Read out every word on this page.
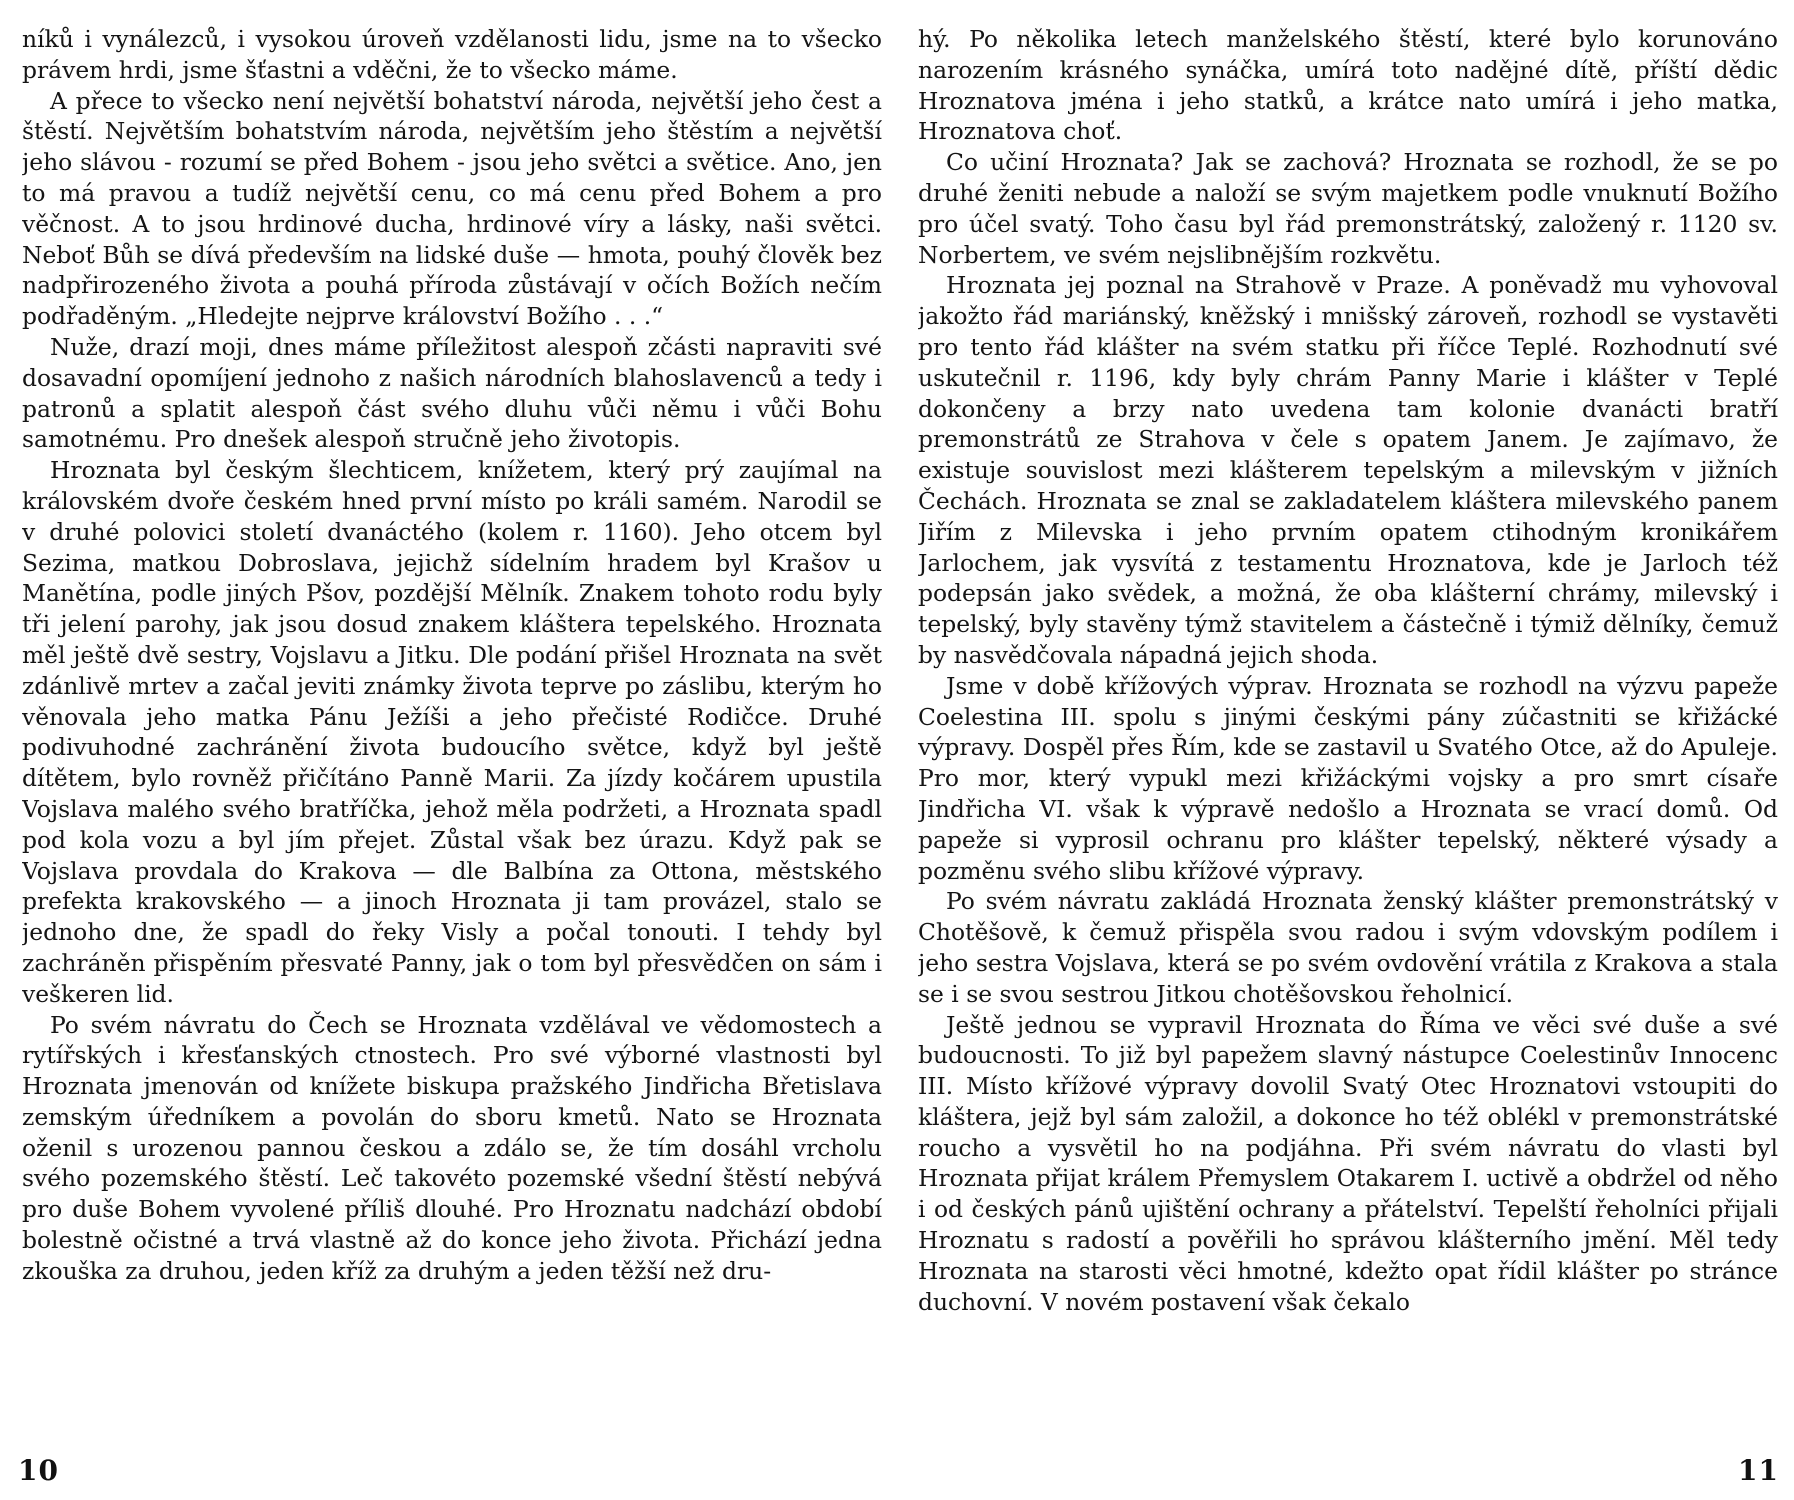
níků i vynálezců, i vysokou úroveň vzdělanosti lidu, jsme na to všecko právem hrdi, jsme šťastni a vděčni, že to všecko máme.

A přece to všecko není největší bohatství národa, největší jeho čest a štěstí. Největším bohatstvím národa, největším jeho štěstím a největší jeho slávou - rozumí se před Bohem - jsou jeho světci a světice. Ano, jen to má pravou a tudíž největší cenu, co má cenu před Bohem a pro věčnost. A to jsou hrdinové ducha, hrdinové víry a lásky, naši světci. Neboť Bůh se dívá především na lidské duše — hmota, pouhý člověk bez nadpřirozeného života a pouhá příroda zůstávají v očích Božích nečím podřaděným. „Hledejte nejprve království Božího . . .“

Nuže, drazí moji, dnes máme příležitost alespoň zčásti napraviti své dosavadní opomíjení jednoho z našich národních blahoslavenců a tedy i patronů a splatit alespoň část svého dluhu vůči němu i vůči Bohu samotnému. Pro dnešek alespoň stručně jeho životopis.

Hroznata byl českým šlechticem, knížetem, který prý zaujímal na královském dvoře českém hned první místo po králi samém. Narodil se v druhé polovici století dvanáctého (kolem r. 1160). Jeho otcem byl Sezima, matkou Dobroslava, jejichž sídelním hradem byl Krašov u Manětína, podle jiných Pšov, pozdější Mělník. Znakem tohoto rodu byly tři jelení parohy, jak jsou dosud znakem kláštera tepelského. Hroznata měl ještě dvě sestry, Vojslavu a Jitku. Dle podání přišel Hroznata na svět zdánlivě mrtev a začal jeviti známky života teprve po záslibu, kterým ho věnovala jeho matka Pánu Ježíši a jeho přečisté Rodičce. Druhé podivuhodné zachránění života budoucího světce, když byl ještě dítětem, bylo rovněž přičítáno Panně Marii. Za jízdy kočárem upustila Vojslava malého svého bratříčka, jehož měla podržeti, a Hroznata spadl pod kola vozu a byl jím přejet. Zůstal však bez úrazu. Když pak se Vojslava provdala do Krakova — dle Balbína za Ottona, městského prefekta krakovského — a jinoch Hroznata ji tam provázel, stalo se jednoho dne, že spadl do řeky Visly a počal tonouti. I tehdy byl zachráněn přispěním přesvaté Panny, jak o tom byl přesvědčen on sám i veškeren lid.

Po svém návratu do Čech se Hroznata vzdělával ve vědomostech a rytířských i křesťanských ctnostech. Pro své výborné vlastnosti byl Hroznata jmenován od knížete biskupa pražského Jindřicha Břetislava zemským úředníkem a povolán do sboru kmetů. Nato se Hroznata oženil s urozenou pannou českou a zdálo se, že tím dosáhl vrcholu svého pozemského štěstí. Leč takovéto pozemské všední štěstí nebývá pro duše Bohem vyvolené příliš dlouhé. Pro Hroznatu nadchází období bolestně očistné a trvá vlastně až do konce jeho života. Přichází jedna zkouška za druhou, jeden kříž za druhým a jeden těžší než dru-

hý. Po několika letech manželského štěstí, které bylo korunováno narozením krásného synáčka, umírá toto nadějné dítě, příští dědic Hroznatova jména i jeho statků, a krátce nato umírá i jeho matka, Hroznatova choť.

Co učiní Hroznata? Jak se zachová? Hroznata se rozhodl, že se po druhé ženiti nebude a naloží se svým majetkem podle vnuknutí Božího pro účel svatý. Toho času byl řád premonstrátský, založený r. 1120 sv. Norbertem, ve svém nejslibnějším rozkvětu.

Hroznata jej poznal na Strahově v Praze. A poněvadž mu vyhovoval jakožto řád mariánský, kněžský i mnišský zároveň, rozhodl se vystavěti pro tento řád klášter na svém statku při říčce Teplé. Rozhodnutí své uskutečnil r. 1196, kdy byly chrám Panny Marie i klášter v Teplé dokončeny a brzy nato uvedena tam kolonie dvanácti bratří premonstrátů ze Strahova v čele s opatem Janem. Je zajímavo, že existuje souvislost mezi klášterem tepelským a milevským v jižních Čechách. Hroznata se znal se zakladatelem kláštera milevského panem Jiřím z Milevska i jeho prvním opatem ctihodným kronikářem Jarlochem, jak vysvítá z testamentu Hroznatova, kde je Jarloch též podepsán jako svědek, a možná, že oba klášterní chrámy, milevský i tepelský, byly stavěny týmž stavitelem a částečně i týmiž dělníky, čemuž by nasvědčovala nápadná jejich shoda.

Jsme v době křížových výprav. Hroznata se rozhodl na výzvu papeže Coelestina III. spolu s jinými českými pány zúčastniti se křižácké výpravy. Dospěl přes Řím, kde se zastavil u Svatého Otce, až do Apuleje. Pro mor, který vypukl mezi křižáckými vojsky a pro smrt císaře Jindřicha VI. však k výpravě nedošlo a Hroznata se vrací domů. Od papeže si vyprosil ochranu pro klášter tepelský, některé výsady a pozměnu svého slibu křížové výpravy.

Po svém návratu zakládá Hroznata ženský klášter premonstrátský v Chotěšově, k čemuž přispěla svou radou i svým vdovským podílem i jeho sestra Vojslava, která se po svém ovdovění vrátila z Krakova a stala se i se svou sestrou Jitkou chotěšovskou řeholnicí.

Ještě jednou se vypravil Hroznata do Říma ve věci své duše a své budoucnosti. To již byl papežem slavný nástupce Coelestinův Innocenc III. Místo křížové výpravy dovolil Svatý Otec Hroznatovi vstoupiti do kláštera, jejž byl sám založil, a dokonce ho též oblékl v premonstrátské roucho a vysvětil ho na podjáhna. Při svém návratu do vlasti byl Hroznata přijat králem Přemyslem Otakarem I. uctivě a obdržel od něho i od českých pánů ujištění ochrany a přátelství. Tepelští řeholníci přijali Hroznatu s radostí a pověřili ho správou klášterního jmění. Měl tedy Hroznata na starosti věci hmotné, kdežto opat řídil klášter po stránce duchovní. V novém postavení však čekalo

10	11
